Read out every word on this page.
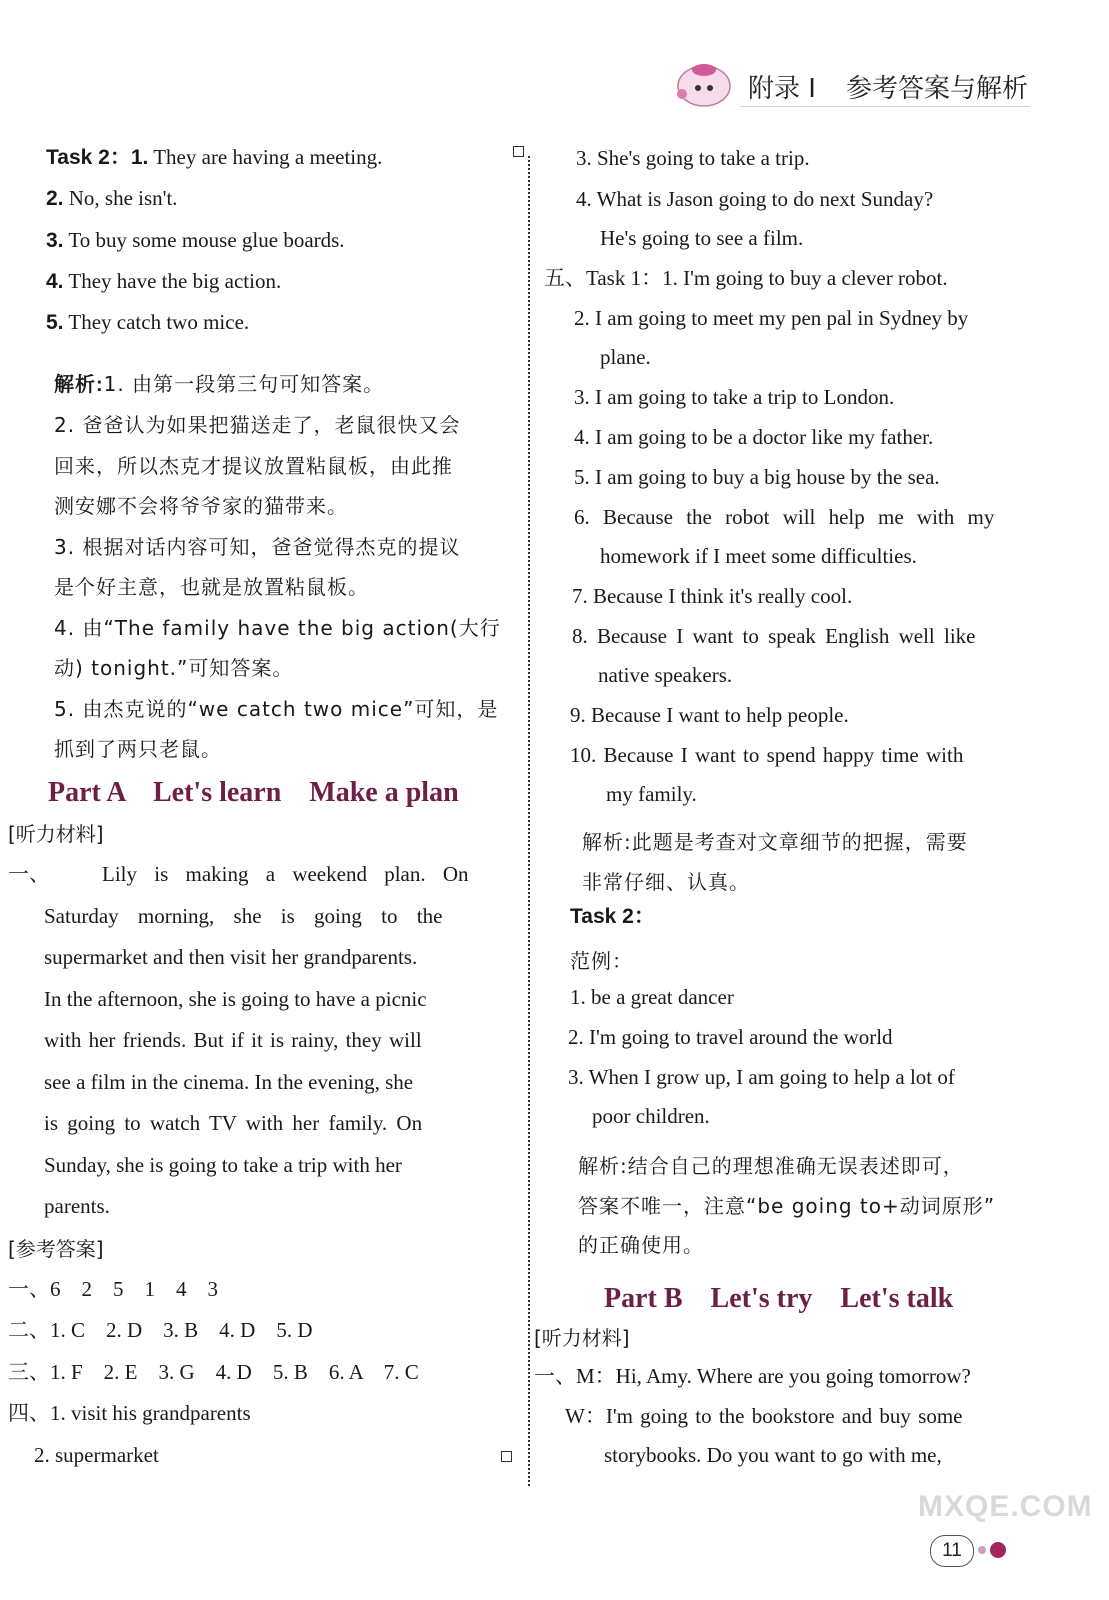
附录 I 参考答案与解析
Task 2：1. They are having a meeting.
2. No, she isn't.
3. To buy some mouse glue boards.
4. They have the big action.
5. They catch two mice.
解析:1. 由第一段第三句可知答案。
2. 爸爸认为如果把猫送走了，老鼠很快又会
回来，所以杰克才提议放置粘鼠板，由此推
测安娜不会将爷爷家的猫带来。
3. 根据对话内容可知，爸爸觉得杰克的提议
是个好主意，也就是放置粘鼠板。
4. 由“The family have the big action(大行
动) tonight.”可知答案。
5. 由杰克说的“we catch two mice”可知，是
抓到了两只老鼠。
Part A　Let's learn　Make a plan
[听力材料]
一、 Lily is making a weekend plan. On
Saturday morning, she is going to the
supermarket and then visit her grandparents.
In the afternoon, she is going to have a picnic
with her friends. But if it is rainy, they will
see a film in the cinema. In the evening, she
is going to watch TV with her family. On
Sunday, she is going to take a trip with her
parents.
[参考答案]
一、6　2　5　1　4　3
二、1. C　2. D　3. B　4. D　5. D
三、1. F　2. E　3. G　4. D　5. B　6. A　7. C
四、1. visit his grandparents
2. supermarket
3. She's going to take a trip.
4. What is Jason going to do next Sunday?
He's going to see a film.
五、Task 1：1. I'm going to buy a clever robot.
2. I am going to meet my pen pal in Sydney by
plane.
3. I am going to take a trip to London.
4. I am going to be a doctor like my father.
5. I am going to buy a big house by the sea.
6. Because the robot will help me with my
homework if I meet some difficulties.
7. Because I think it's really cool.
8. Because I want to speak English well like
native speakers.
9. Because I want to help people.
10. Because I want to spend happy time with
my family.
解析:此题是考查对文章细节的把握，需要
非常仔细、认真。
Task 2：
范例：
1. be a great dancer
2. I'm going to travel around the world
3. When I grow up, I am going to help a lot of
poor children.
解析:结合自己的理想准确无误表述即可，
答案不唯一，注意“be going to+动词原形”
的正确使用。
Part B　Let's try　Let's talk
[听力材料]
一、M：Hi, Amy. Where are you going tomorrow?
W：I'm going to the bookstore and buy some
storybooks. Do you want to go with me,
MXQE.COM
11
